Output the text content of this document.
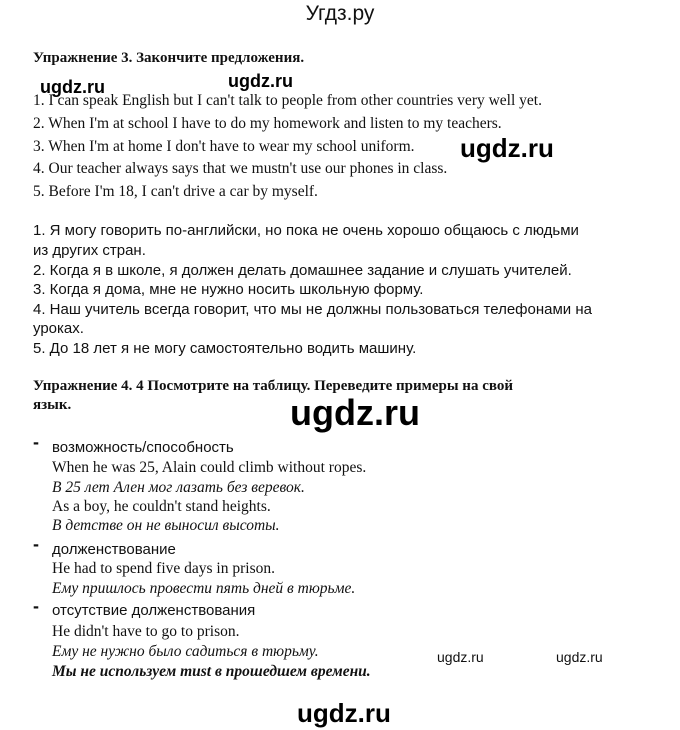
Угдз.ру
Упражнение 3. Закончите предложения.
ugdz.ru	ugdz.ru
1. I can speak English but I can't talk to people from other countries very well yet.
2. When I'm at school I have to do my homework and listen to my teachers.
3. When I'm at home I don't have to wear my school uniform.
4. Our teacher always says that we mustn't use our phones in class.
5. Before I'm 18, I can't drive a car by myself.
ugdz.ru
1. Я могу говорить по-английски, но пока не очень хорошо общаюсь с людьми
из других стран.
2. Когда я в школе, я должен делать домашнее задание и слушать учителей.
3. Когда я дома, мне не нужно носить школьную форму.
4. Наш учитель всегда говорит, что мы не должны пользоваться телефонами на
уроках.
5. До 18 лет я не могу самостоятельно водить машину.
Упражнение 4. 4 Посмотрите на таблицу. Переведите примеры на свой
язык.	ugdz.ru
- возможность/способность
When he was 25, Alain could climb without ropes.
В 25 лет Ален мог лазать без веревок.
As a boy, he couldn't stand heights.
В детстве он не выносил высоты.
- долженствование
He had to spend five days in prison.
Ему пришлось провести пять дней в тюрьме.
- отсутствие долженствования
He didn't have to go to prison.
Ему не нужно было садиться в тюрьму.
Мы не используем must в прошедшем времени.
ugdz.ru	ugdz.ru
ugdz.ru
